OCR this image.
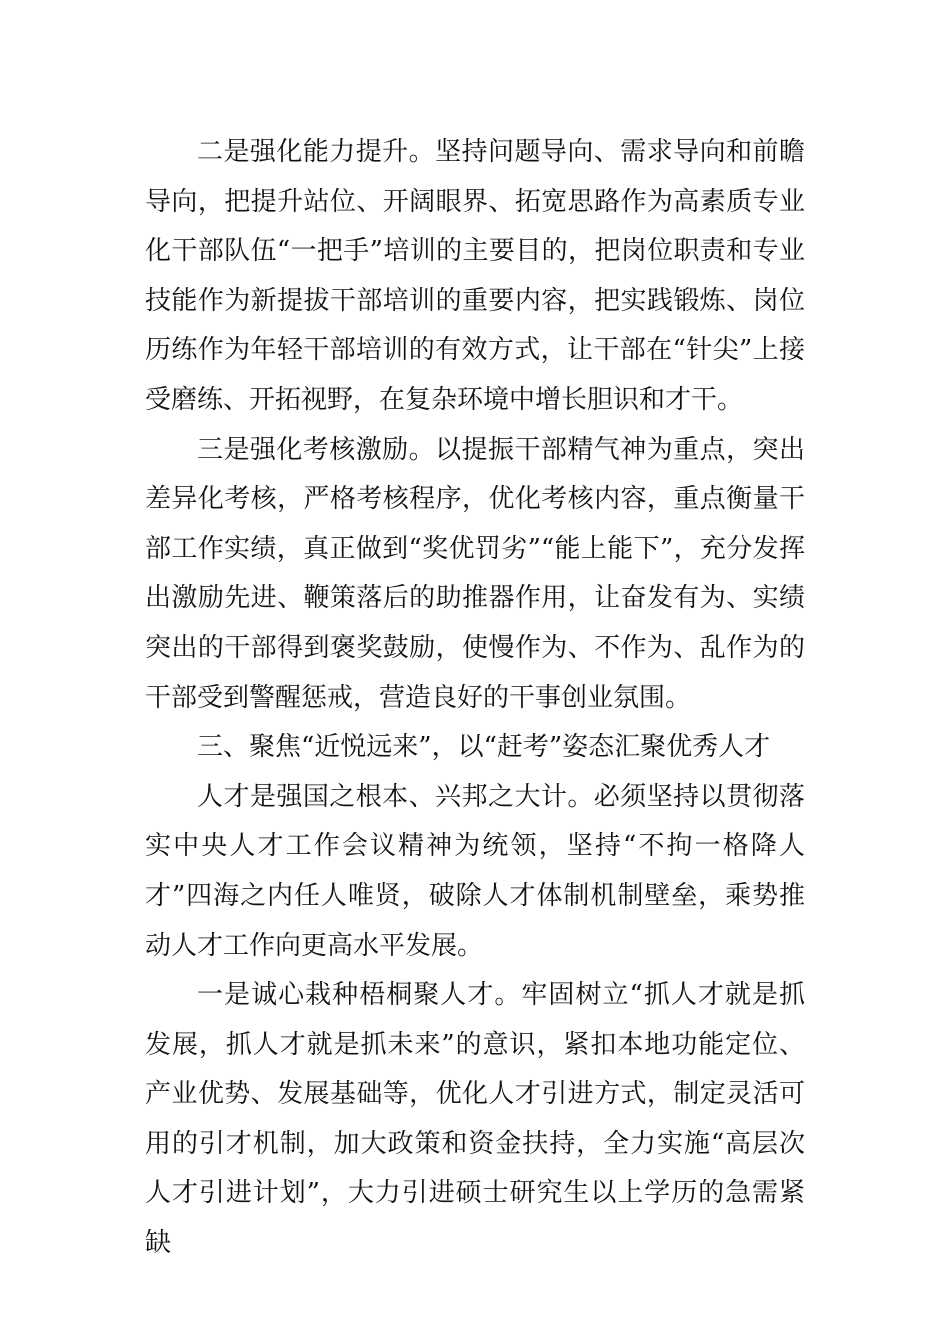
二是强化能力提升。坚持问题导向、需求导向和前瞻导向，把提升站位、开阔眼界、拓宽思路作为高素质专业化干部队伍“一把手”培训的主要目的，把岗位职责和专业技能作为新提拔干部培训的重要内容，把实践锻炼、岗位历练作为年轻干部培训的有效方式，让干部在“针尖”上接受磨练、开拓视野，在复杂环境中增长胆识和才干。

三是强化考核激励。以提振干部精气神为重点，突出差异化考核，严格考核程序，优化考核内容，重点衡量干部工作实绩，真正做到“奖优罚劣”“能上能下”，充分发挥出激励先进、鞭策落后的助推器作用，让奋发有为、实绩突出的干部得到褒奖鼓励，使慢作为、不作为、乱作为的干部受到警醒惩戒，营造良好的干事创业氛围。

三、聚焦“近悦远来”，以“赶考”姿态汇聚优秀人才

人才是强国之根本、兴邦之大计。必须坚持以贯彻落实中央人才工作会议精神为统领，坚持“不拘一格降人才”四海之内任人唯贤，破除人才体制机制壁垒，乘势推动人才工作向更高水平发展。

一是诚心栽种梧桐聚人才。牢固树立“抓人才就是抓发展，抓人才就是抓未来”的意识，紧扣本地功能定位、产业优势、发展基础等，优化人才引进方式，制定灵活可用的引才机制，加大政策和资金扶持，全力实施“高层次人才引进计划”，大力引进硕士研究生以上学历的急需紧缺
